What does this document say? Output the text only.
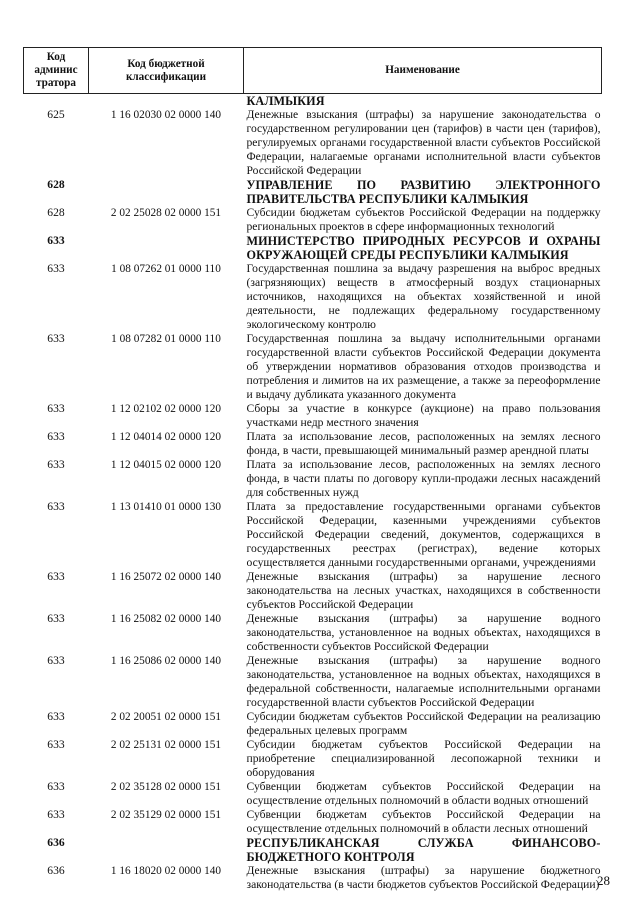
Код
админис
тратора	Код бюджетной классификации	Наименование
		КАЛМЫКИЯ
625	1 16 02030 02 0000 140	Денежные взыскания (штрафы) за нарушение законодательства о государственном регулировании цен (тарифов) в части цен (тарифов), регулируемых органами государственной власти субъектов Российской Федерации, налагаемые органами исполнительной власти субъектов Российской Федерации
628		УПРАВЛЕНИЕ ПО РАЗВИТИЮ ЭЛЕКТРОННОГО ПРАВИТЕЛЬСТВА РЕСПУБЛИКИ КАЛМЫКИЯ
628	2 02 25028 02 0000 151	Субсидии бюджетам субъектов Российской Федерации на поддержку региональных проектов в сфере информационных технологий
633		МИНИСТЕРСТВО ПРИРОДНЫХ РЕСУРСОВ И ОХРАНЫ ОКРУЖАЮЩЕЙ СРЕДЫ РЕСПУБЛИКИ КАЛМЫКИЯ
633	1 08 07262 01 0000 110	Государственная пошлина за выдачу разрешения на выброс вредных (загрязняющих) веществ в атмосферный воздух стационарных источников, находящихся на объектах хозяйственной и иной деятельности, не подлежащих федеральному государственному экологическому контролю
633	1 08 07282 01 0000 110	Государственная пошлина за выдачу исполнительными органами государственной власти субъектов Российской Федерации документа об утверждении нормативов образования отходов производства и потребления и лимитов на их размещение, а также за переоформление и выдачу дубликата указанного документа
633	1 12 02102 02 0000 120	Сборы за участие в конкурсе (аукционе) на право пользования участками недр местного значения
633	1 12 04014 02 0000 120	Плата за использование лесов, расположенных на землях лесного фонда, в части, превышающей минимальный размер арендной платы
633	1 12 04015 02 0000 120	Плата за использование лесов, расположенных на землях лесного фонда, в части платы по договору купли-продажи лесных насаждений для собственных нужд
633	1 13 01410 01 0000 130	Плата за предоставление государственными органами субъектов Российской Федерации, казенными учреждениями субъектов Российской Федерации сведений, документов, содержащихся в государственных реестрах (регистрах), ведение которых осуществляется данными государственными органами, учреждениями
633	1 16 25072 02 0000 140	Денежные взыскания (штрафы) за нарушение лесного законодательства на лесных участках, находящихся в собственности субъектов Российской Федерации
633	1 16 25082 02 0000 140	Денежные взыскания (штрафы) за нарушение водного законодательства, установленное на водных объектах, находящихся в собственности субъектов Российской Федерации
633	1 16 25086 02 0000 140	Денежные взыскания (штрафы) за нарушение водного законодательства, установленное на водных объектах, находящихся в федеральной собственности, налагаемые исполнительными органами государственной власти субъектов Российской Федерации
633	2 02 20051 02 0000 151	Субсидии бюджетам субъектов Российской Федерации на реализацию федеральных целевых программ
633	2 02 25131 02 0000 151	Субсидии бюджетам субъектов Российской Федерации на приобретение специализированной лесопожарной техники и оборудования
633	2 02 35128 02 0000 151	Субвенции бюджетам субъектов Российской Федерации на осуществление отдельных полномочий в области водных отношений
633	2 02 35129 02 0000 151	Субвенции бюджетам субъектов Российской Федерации на осуществление отдельных полномочий в области лесных отношений
636		РЕСПУБЛИКАНСКАЯ СЛУЖБА ФИНАНСОВО-БЮДЖЕТНОГО КОНТРОЛЯ
636	1 16 18020 02 0000 140	Денежные взыскания (штрафы) за нарушение бюджетного законодательства (в части бюджетов субъектов Российской Федерации)
28
